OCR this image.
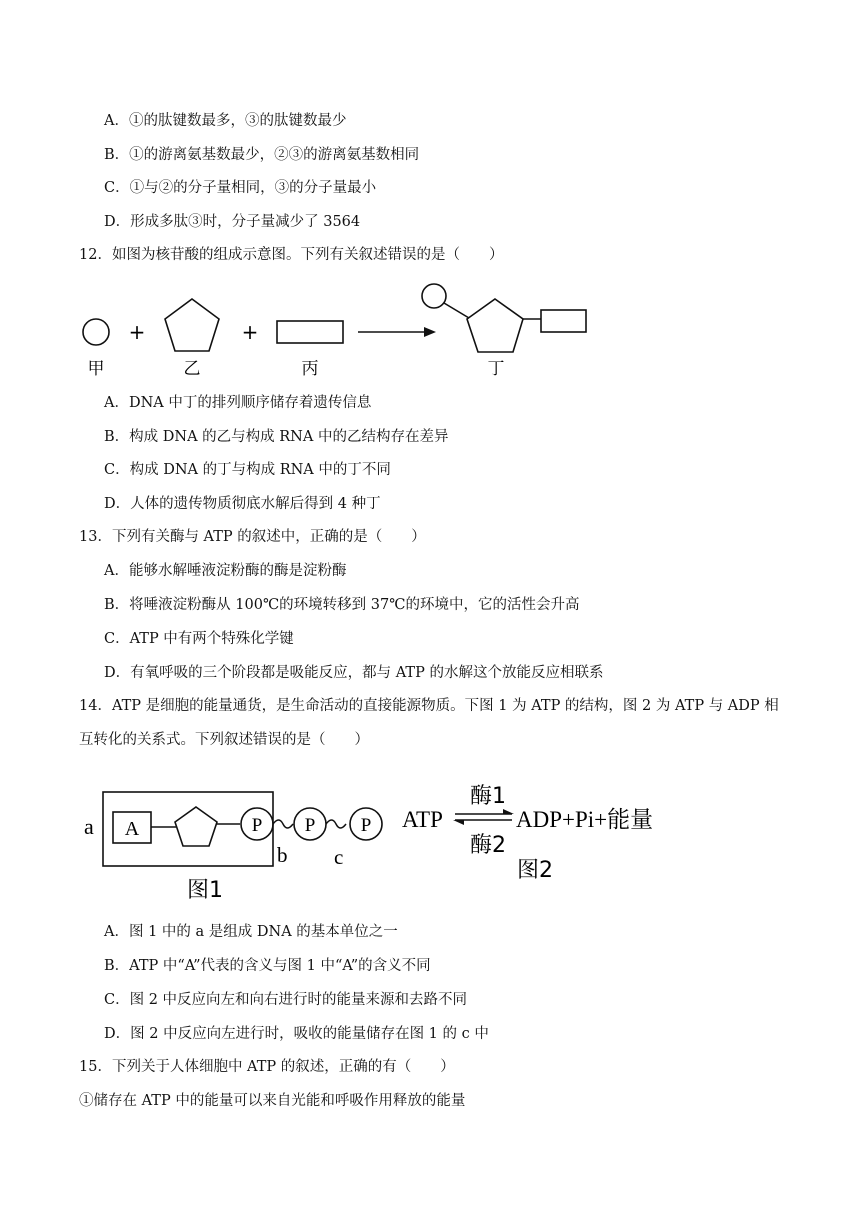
A．①的肽键数最多，③的肽键数最少
B．①的游离氨基数最少，②③的游离氨基数相同
C．①与②的分子量相同，③的分子量最小
D．形成多肽③时，分子量减少了 3564
12．如图为核苷酸的组成示意图。下列有关叙述错误的是（　　）
甲
+
乙
+
丙	丁
A．DNA 中丁的排列顺序储存着遗传信息
B．构成 DNA 的乙与构成 RNA 中的乙结构存在差异
C．构成 DNA 的丁与构成 RNA 中的丁不同
D．人体的遗传物质彻底水解后得到 4 种丁
13．下列有关酶与 ATP 的叙述中，正确的是（　　）
A．能够水解唾液淀粉酶的酶是淀粉酶
B．将唾液淀粉酶从 100℃的环境转移到 37℃的环境中，它的活性会升高
C．ATP 中有两个特殊化学键
D．有氧呼吸的三个阶段都是吸能反应，都与 ATP 的水解这个放能反应相联系
14．ATP 是细胞的能量通货，是生命活动的直接能源物质。下图 1 为 ATP 的结构，图 2 为 ATP 与 ADP 相
互转化的关系式。下列叙述错误的是（　　）
a A	P P P
b c
图1
ATP
酶1
酶2
ADP+Pi+能量
图2
A．图 1 中的 a 是组成 DNA 的基本单位之一
B．ATP 中“A”代表的含义与图 1 中“A”的含义不同
C．图 2 中反应向左和向右进行时的能量来源和去路不同
D．图 2 中反应向左进行时，吸收的能量储存在图 1 的 c 中
15．下列关于人体细胞中 ATP 的叙述，正确的有（　　）
①储存在 ATP 中的能量可以来自光能和呼吸作用释放的能量
